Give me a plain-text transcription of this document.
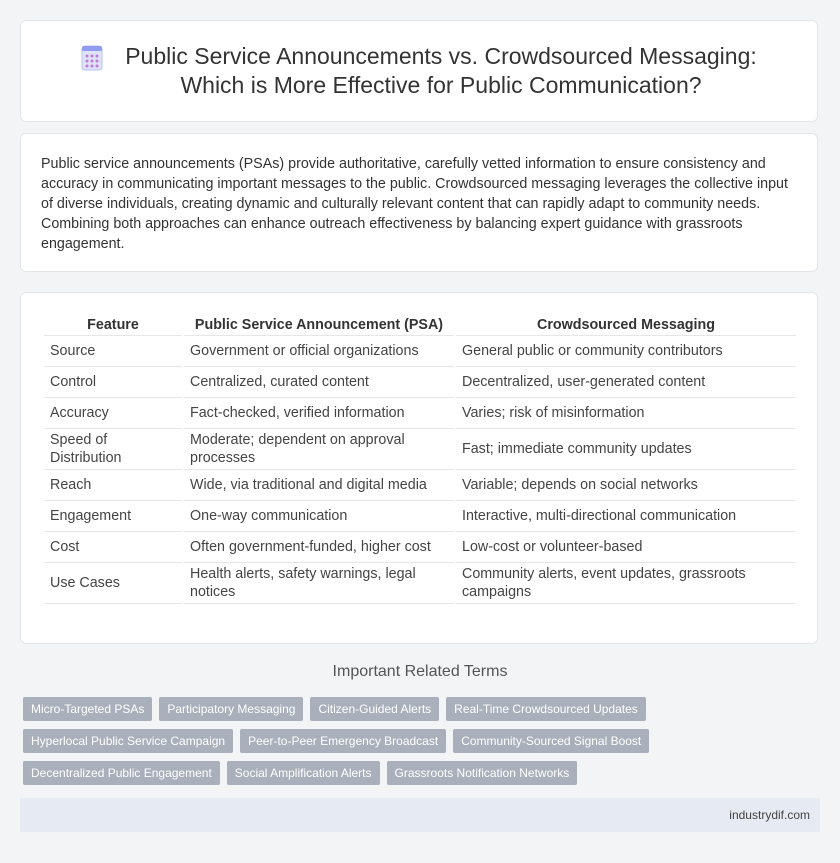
Public Service Announcements vs. Crowdsourced Messaging:
Which is More Effective for Public Communication?

Public service announcements (PSAs) provide authoritative, carefully vetted information to ensure consistency and accuracy in communicating important messages to the public. Crowdsourced messaging leverages the collective input of diverse individuals, creating dynamic and culturally relevant content that can rapidly adapt to community needs. Combining both approaches can enhance outreach effectiveness by balancing expert guidance with grassroots engagement.

Feature	Public Service Announcement (PSA)	Crowdsourced Messaging
Source	Government or official organizations	General public or community contributors
Control	Centralized, curated content	Decentralized, user-generated content
Accuracy	Fact-checked, verified information	Varies; risk of misinformation
Speed of Distribution	Moderate; dependent on approval processes	Fast; immediate community updates
Reach	Wide, via traditional and digital media	Variable; depends on social networks
Engagement	One-way communication	Interactive, multi-directional communication
Cost	Often government-funded, higher cost	Low-cost or volunteer-based
Use Cases	Health alerts, safety warnings, legal notices	Community alerts, event updates, grassroots campaigns
Important Related Terms
Micro-Targeted PSAs	Participatory Messaging	Citizen-Guided Alerts	Real-Time Crowdsourced Updates
Hyperlocal Public Service Campaign	Peer-to-Peer Emergency Broadcast	Community-Sourced Signal Boost
Decentralized Public Engagement	Social Amplification Alerts	Grassroots Notification Networks
industrydif.com
